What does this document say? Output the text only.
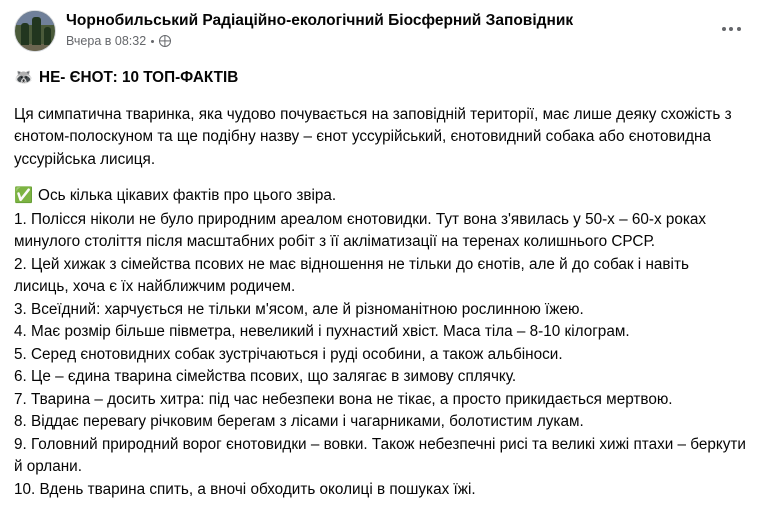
Чорнобильський Радіаційно-екологічний Біосферний Заповідник
Вчера в 08:32
🦝 НЕ- ЄНОТ: 10 ТОП-ФАКТІВ

Ця симпатична тваринка, яка чудово почувається на заповідній території, має лише деяку схожість з єнотом-полоскуном та ще подібну назву – єнот уссурійський, єнотовидний собака або єнотовидна уссурійська лисиця.

✅ Ось кілька цікавих фактів про цього звіра.

1. Полісся ніколи не було природним ареалом єнотовидки. Тут вона з'явилась у 50-х – 60-х роках минулого століття після масштабних робіт з її акліматизації на теренах колишнього СРСР.

2. Цей хижак з сімейства псових не має відношення не тільки до єнотів, але й до собак і навіть лисиць, хоча є їх найближчим родичем.

3. Всеїдний: харчується не тільки м'ясом, але й різноманітною рослинною їжею.

4. Має розмір більше півметра, невеликий і пухнастий хвіст. Маса тіла – 8-10 кілограм.

5. Серед єнотовидних собак зустрічаються і руді особини, а також альбіноси.

6. Це – єдина тварина сімейства псових, що залягає в зимову сплячку.

7. Тварина – досить хитра: під час небезпеки вона не тікає, а просто прикидається мертвою.

8. Віддає переваrу річковим берегам з лісами і чагарниками, болотистим лукам.

9. Головний природний ворог єнотовидки – вовки. Також небезпечні рисі та великі хижі птахи – беркути й орлани.

10. Вдень тварина спить, а вночі обходить околиці в пошуках їжі.
